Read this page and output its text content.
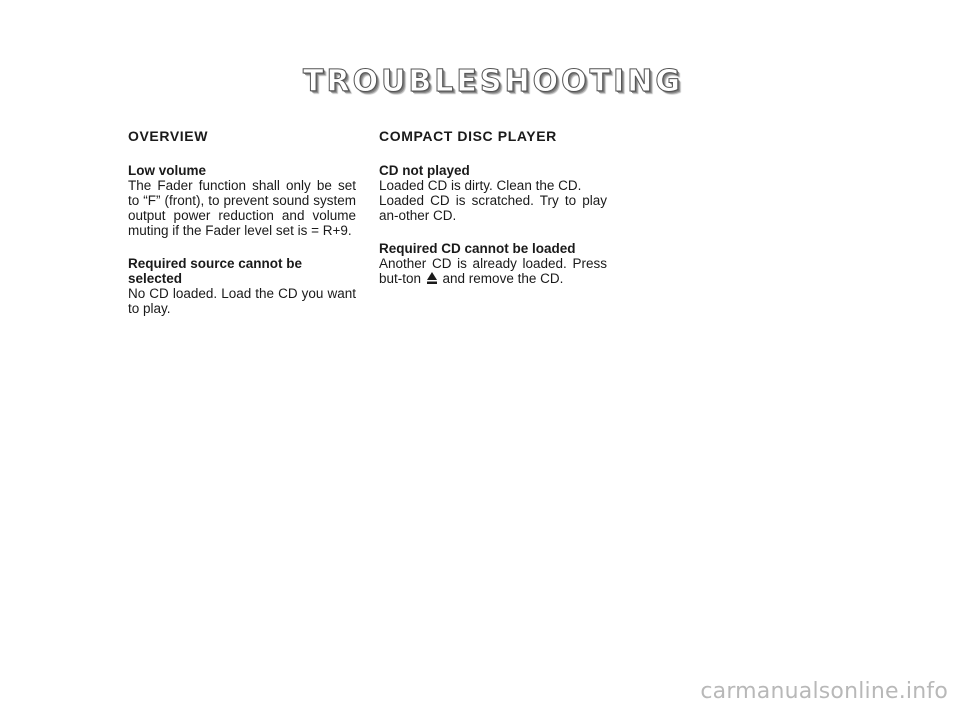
TROUBLESHOOTING

OVERVIEW

Low volume

The Fader function shall only be set to “F” (front), to prevent sound system output power reduction and volume muting if the Fader level set is = R+9.

Required source cannot be selected

No CD loaded. Load the CD you want to play.

COMPACT DISC PLAYER

CD not played

Loaded CD is dirty. Clean the CD.

Loaded CD is scratched. Try to play an-other CD.

Required CD cannot be loaded

Another CD is already loaded. Press but-ton  and remove the CD.

carmanualsonline.info
